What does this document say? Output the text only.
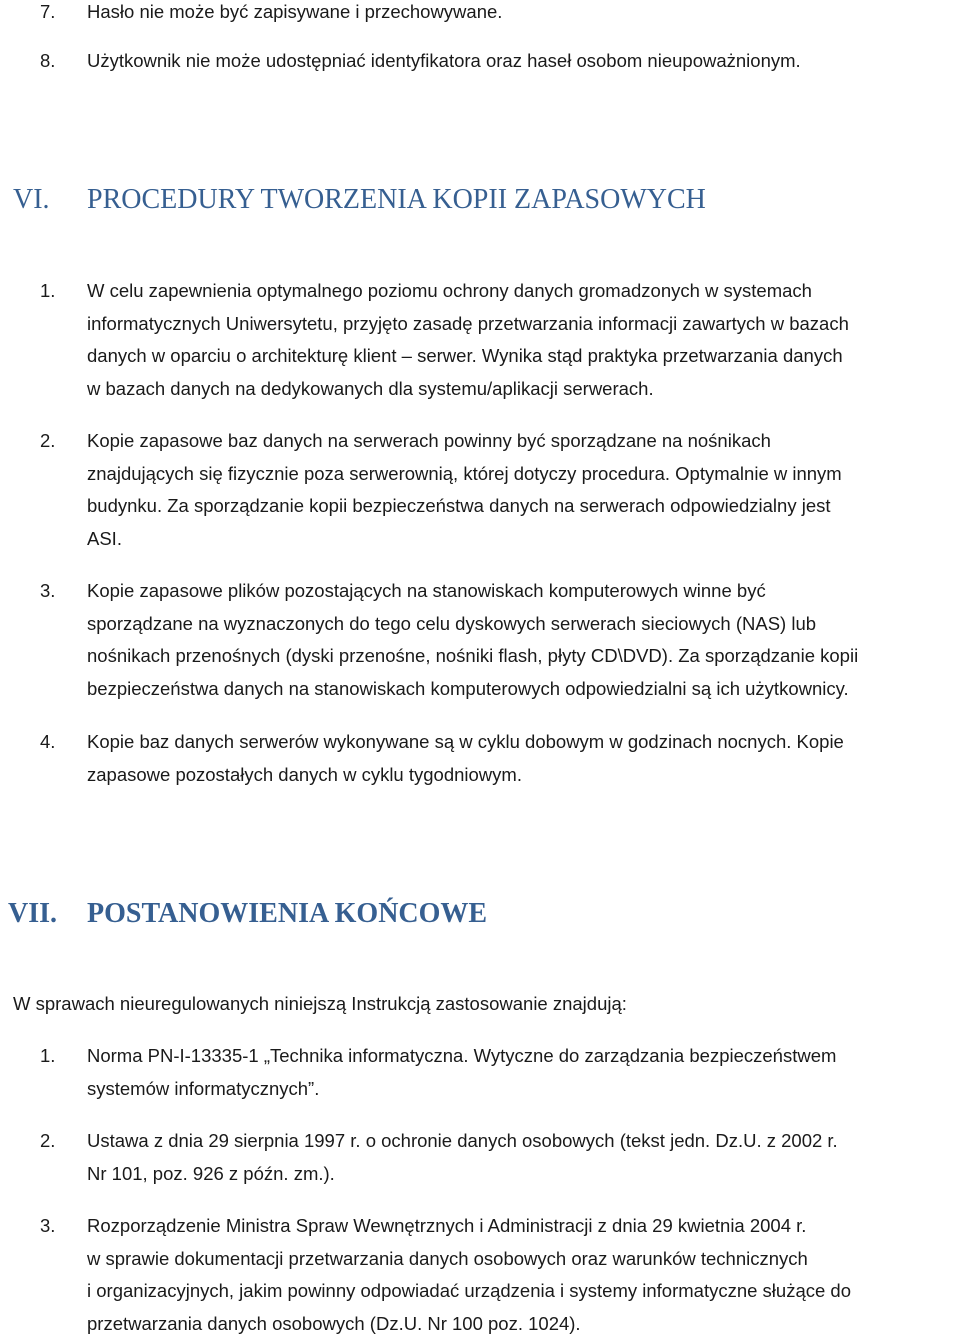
7.	Hasło nie może być zapisywane i przechowywane.
8.	Użytkownik nie może udostępniać identyfikatora oraz haseł osobom nieupoważnionym.
VI. PROCEDURY TWORZENIA KOPII ZAPASOWYCH
1.	W celu zapewnienia optymalnego poziomu ochrony danych gromadzonych w systemach
informatycznych Uniwersytetu, przyjęto zasadę przetwarzania informacji zawartych w bazach
danych w oparciu o architekturę klient – serwer. Wynika stąd praktyka przetwarzania danych
w bazach danych na dedykowanych dla systemu/aplikacji serwerach.
2.	Kopie zapasowe baz danych na serwerach powinny być sporządzane na nośnikach
znajdujących się fizycznie poza serwerownią, której dotyczy procedura. Optymalnie w innym
budynku. Za sporządzanie kopii bezpieczeństwa danych na serwerach odpowiedzialny jest
ASI.
3.	Kopie zapasowe plików pozostających na stanowiskach komputerowych winne być
sporządzane na wyznaczonych do tego celu dyskowych serwerach sieciowych (NAS) lub
nośnikach przenośnych (dyski przenośne, nośniki flash, płyty CD\DVD). Za sporządzanie kopii
bezpieczeństwa danych na stanowiskach komputerowych odpowiedzialni są ich użytkownicy.
4.	Kopie baz danych serwerów wykonywane są w cyklu dobowym w godzinach nocnych. Kopie
zapasowe pozostałych danych w cyklu tygodniowym.
VII. POSTANOWIENIA KOŃCOWE
W sprawach nieuregulowanych niniejszą Instrukcją zastosowanie znajdują:
1.	Norma PN-I-13335-1 „Technika informatyczna. Wytyczne do zarządzania bezpieczeństwem
systemów informatycznych”.
2.	Ustawa z dnia 29 sierpnia 1997 r. o ochronie danych osobowych (tekst jedn. Dz.U. z 2002 r.
Nr 101, poz. 926 z późn. zm.).
3.	Rozporządzenie Ministra Spraw Wewnętrznych i Administracji z dnia 29 kwietnia 2004 r.
w sprawie dokumentacji przetwarzania danych osobowych oraz warunków technicznych
i organizacyjnych, jakim powinny odpowiadać urządzenia i systemy informatyczne służące do
przetwarzania danych osobowych (Dz.U. Nr 100 poz. 1024).
